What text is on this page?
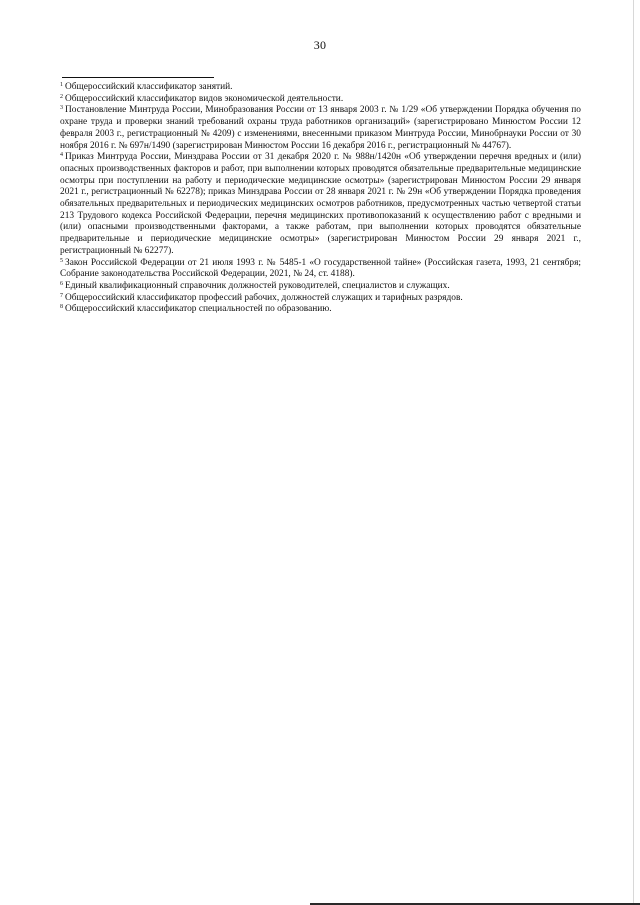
30

$^1$ Общероссийский классификатор занятий.

$^2$ Общероссийский классификатор видов экономической деятельности.

$^3$ Постановление Минтруда России, Минобразования России от 13 января 2003 г. № 1/29 «Об утверждении Порядка обучения по охране труда и проверки знаний требований охраны труда работников организаций» (зарегистрировано Минюстом России 12 февраля 2003 г., регистрационный № 4209) с изменениями, внесенными приказом Минтруда России, Минобрнауки России от 30 ноября 2016 г. № 697н/1490 (зарегистрирован Минюстом России 16 декабря 2016 г., регистрационный № 44767).

$^4$ Приказ Минтруда России, Минздрава России от 31 декабря 2020 г. № 988н/1420н «Об утверждении перечня вредных и (или) опасных производственных факторов и работ, при выполнении которых проводятся обязательные предварительные медицинские осмотры при поступлении на работу и периодические медицинские осмотры» (зарегистрирован Минюстом России 29 января 2021 г., регистрационный № 62278); приказ Минздрава России от 28 января 2021 г. № 29н «Об утверждении Порядка проведения обязательных предварительных и периодических медицинских осмотров работников, предусмотренных частью четвертой статьи 213 Трудового кодекса Российской Федерации, перечня медицинских противопоказаний к осуществлению работ с вредными и (или) опасными производственными факторами, а также работам, при выполнении которых проводятся обязательные предварительные и периодические медицинские осмотры» (зарегистрирован Минюстом России 29 января 2021 г., регистрационный № 62277).

$^5$ Закон Российской Федерации от 21 июля 1993 г. № 5485-1 «О государственной тайне» (Российская газета, 1993, 21 сентября; Собрание законодательства Российской Федерации, 2021, № 24, ст. 4188).

$^6$ Единый квалификационный справочник должностей руководителей, специалистов и служащих.

$^7$ Общероссийский классификатор профессий рабочих, должностей служащих и тарифных разрядов.

$^8$ Общероссийский классификатор специальностей по образованию.
